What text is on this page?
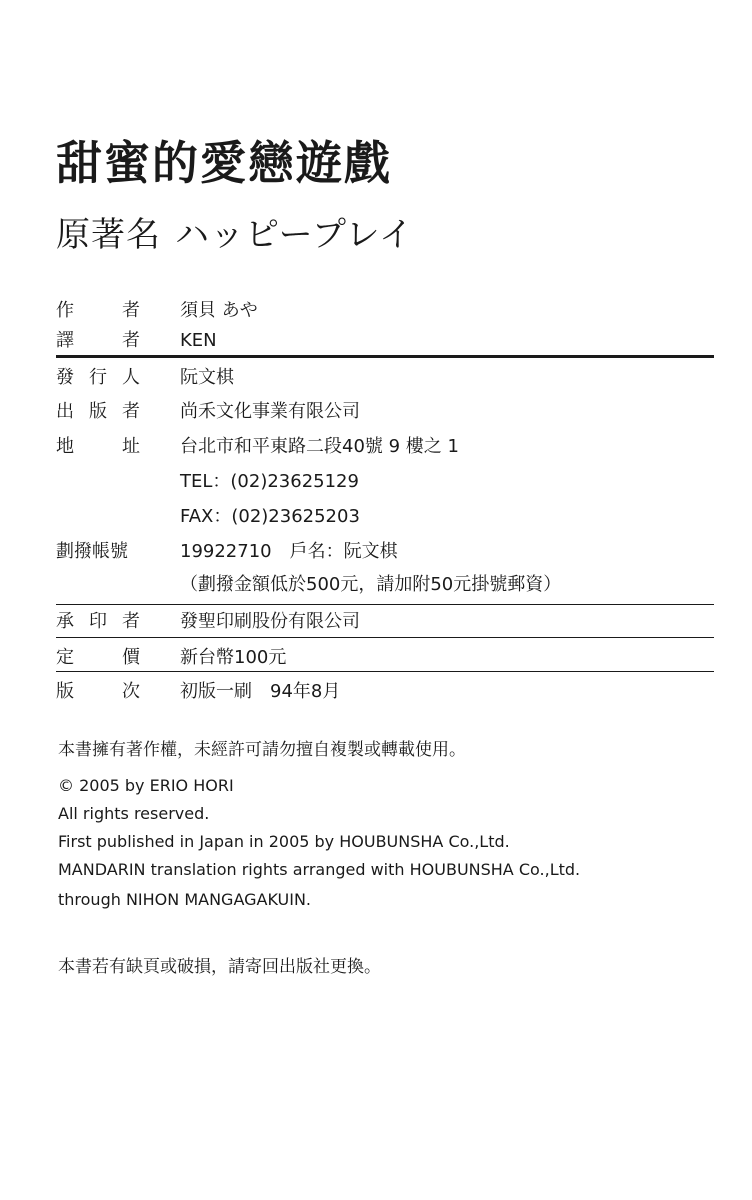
甜蜜的愛戀遊戲
原著名 ハッピープレイ
作	者 須貝 あや
譯	者 KEN
發 行 人 阮文棋
出 版 者 尚禾文化事業有限公司
地	址 台北市和平東路二段40號 9 樓之 1
TEL：(02)23625129
FAX：(02)23625203
劃撥帳號	19922710 戶名：阮文棋
（劃撥金額低於500元，請加附50元掛號郵資）
承 印 者 發聖印刷股份有限公司
定	價 新台幣100元
版	次 初版一刷 94年8月
本書擁有著作權，未經許可請勿擅自複製或轉載使用。
© 2005 by ERIO HORI
All rights reserved.
First published in Japan in 2005 by HOUBUNSHA Co.,Ltd.
MANDARIN translation rights arranged with HOUBUNSHA Co.,Ltd.
through NIHON MANGAGAKUIN.
本書若有缺頁或破損，請寄回出版社更換。
